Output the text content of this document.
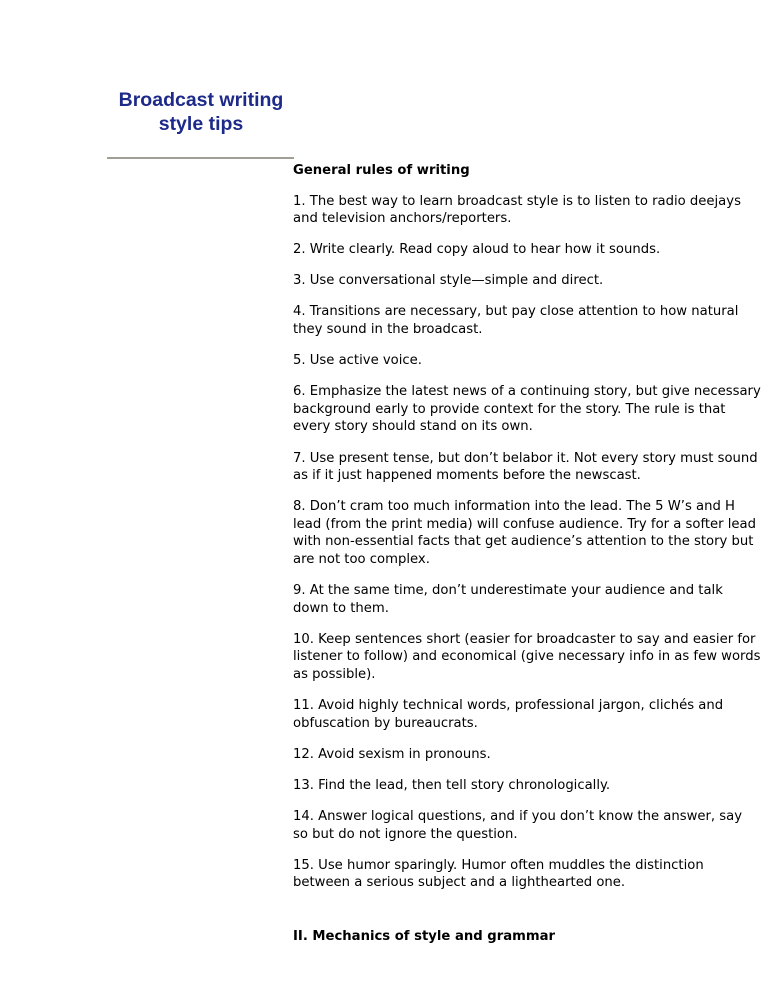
Broadcast writing style tips

General rules of writing

1. The best way to learn broadcast style is to listen to radio deejays and television anchors/reporters.

2. Write clearly. Read copy aloud to hear how it sounds.

3. Use conversational style—simple and direct.

4. Transitions are necessary, but pay close attention to how natural they sound in the broadcast.

5. Use active voice.

6. Emphasize the latest news of a continuing story, but give necessary background early to provide context for the story. The rule is that every story should stand on its own.

7. Use present tense, but don’t belabor it. Not every story must sound as if it just happened moments before the newscast.

8. Don’t cram too much information into the lead. The 5 W’s and H lead (from the print media) will confuse audience. Try for a softer lead with non-essential facts that get audience’s attention to the story but are not too complex.

9. At the same time, don’t underestimate your audience and talk down to them.

10. Keep sentences short (easier for broadcaster to say and easier for listener to follow) and economical (give necessary info in as few words as possible).

11. Avoid highly technical words, professional jargon, clichés and obfuscation by bureaucrats.

12. Avoid sexism in pronouns.

13. Find the lead, then tell story chronologically.

14. Answer logical questions, and if you don’t know the answer, say so but do not ignore the question.

15. Use humor sparingly. Humor often muddles the distinction between a serious subject and a lighthearted one.

II. Mechanics of style and grammar
